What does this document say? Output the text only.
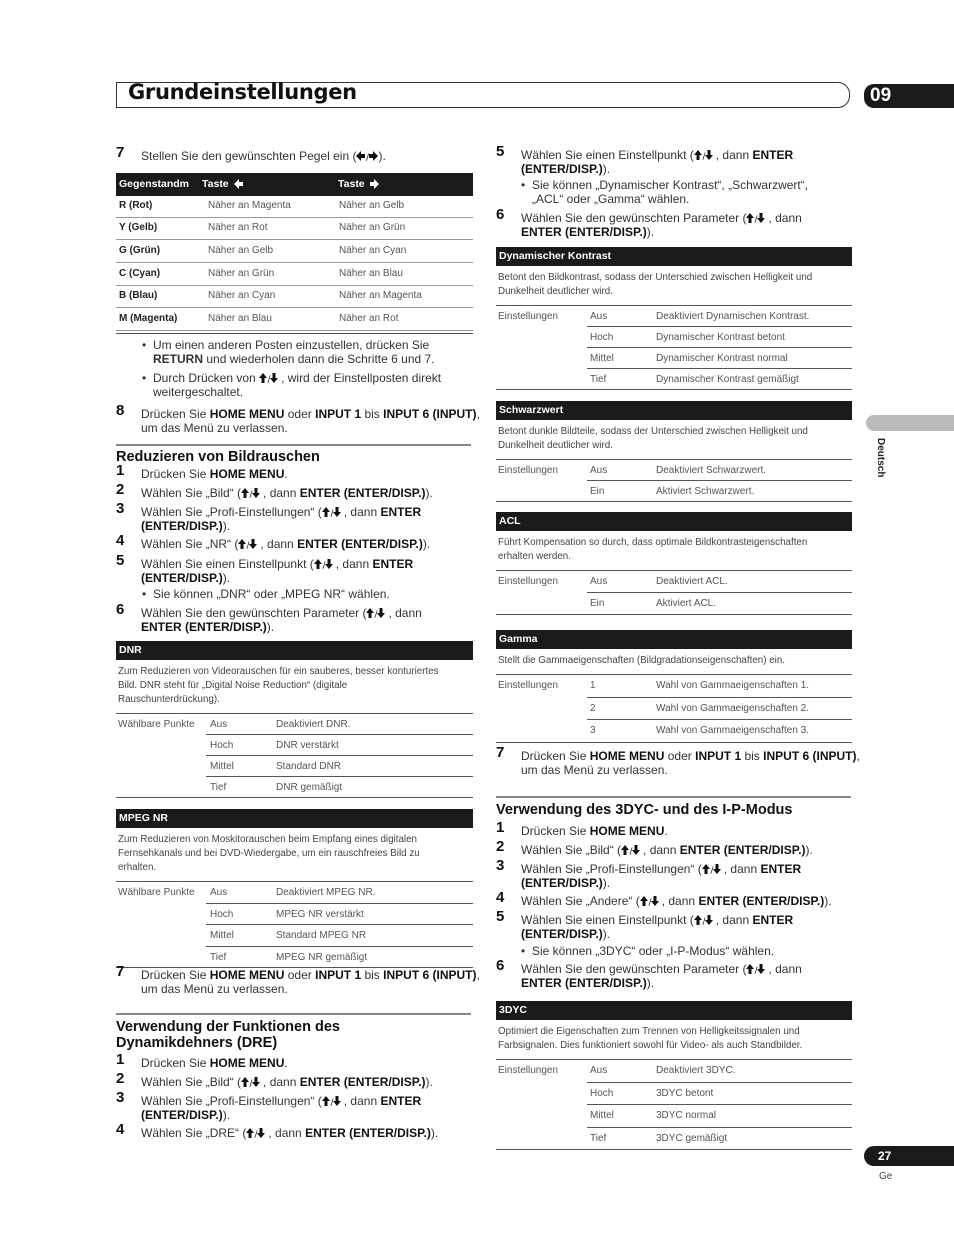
Grundeinstellungen	09
Deutsch
27
Ge
7 Stellen Sie den gewünschten Pegel ein ( ).
Gegenstandm Taste	Taste
R (Rot)	Näher an Magenta	Näher an Gelb
Y (Gelb)	Näher an Rot	Näher an Grün
G (Grün)	Näher an Gelb	Näher an Cyan
C (Cyan)	Näher an Grün	Näher an Blau
B (Blau)	Näher an Cyan	Näher an Magenta
M (Magenta)	Näher an Blau	Näher an Rot
• Um einen anderen Posten einzustellen, drücken Sie RETURN und wiederholen dann die Schritte 6 und 7.
• Durch Drücken von , wird der Einstellposten direkt weitergeschaltet.
8 Drücken Sie HOME MENU oder INPUT 1 bis INPUT 6 (INPUT), um das Menü zu verlassen.
Reduzieren von Bildrauschen
1 Drücken Sie HOME MENU.
2 Wählen Sie „Bild“ ( , dann ENTER (ENTER/DISP.)).
3 Wählen Sie „Profi-Einstellungen“ ( , dann ENTER
(ENTER/DISP.)).
4 Wählen Sie „NR“ ( , dann ENTER (ENTER/DISP.)).
5 Wählen Sie einen Einstellpunkt ( , dann ENTER
(ENTER/DISP.)).
• Sie können „DNR“ oder „MPEG NR“ wählen.
6 Wählen Sie den gewünschten Parameter ( , dann
ENTER (ENTER/DISP.)).
DNR
Zum Reduzieren von Videorauschen für ein sauberes, besser konturiertes
Bild. DNR steht für „Digital Noise Reduction“ (digitale
Rauschunterdrückung).
Wählbare Punkte Aus	Deaktiviert DNR.
Hoch	DNR verstärkt
Mittel	Standard DNR
Tief	DNR gemäßigt
MPEG NR
Zum Reduzieren von Moskitorauschen beim Empfang eines digitalen
Fernsehkanals und bei DVD-Wiedergabe, um ein rauschfreies Bild zu
erhalten.
Wählbare Punkte Aus	Deaktiviert MPEG NR.
Hoch	MPEG NR verstärkt
Mittel	Standard MPEG NR
Tief	MPEG NR gemäßigt
7 Drücken Sie HOME MENU oder INPUT 1 bis INPUT 6 (INPUT), um das Menü zu verlassen.
Verwendung der Funktionen des
Dynamikdehners (DRE)
1 Drücken Sie HOME MENU.
2 Wählen Sie „Bild“ ( , dann ENTER (ENTER/DISP.)).
3 Wählen Sie „Profi-Einstellungen“ ( , dann ENTER
(ENTER/DISP.)).
4 Wählen Sie „DRE“ ( , dann ENTER (ENTER/DISP.)).
5 Wählen Sie einen Einstellpunkt ( , dann ENTER
(ENTER/DISP.)).
6 Wählen Sie den gewünschten Parameter ( , dann
ENTER (ENTER/DISP.)).
• Sie können „Dynamischer Kontrast“, „Schwarzwert“,
„ACL“ oder „Gamma“ wählen.
Dynamischer Kontrast
Betont den Bildkontrast, sodass der Unterschied zwischen Helligkeit und
Dunkelheit deutlicher wird.
Einstellungen	Aus	Deaktiviert Dynamischen Kontrast.
Hoch	Dynamischer Kontrast betont
Mittel	Dynamischer Kontrast normal
Tief	Dynamischer Kontrast gemäßigt
Schwarzwert
Betont dunkle Bildteile, sodass der Unterschied zwischen Helligkeit und
Dunkelheit deutlicher wird.
Einstellungen	Aus	Deaktiviert Schwarzwert.
Ein	Aktiviert Schwarzwert.
ACL
Führt Kompensation so durch, dass optimale Bildkontrasteigenschaften
erhalten werden.
Einstellungen	Aus	Deaktiviert ACL.
Ein	Aktiviert ACL.
Gamma
Stellt die Gammaeigenschaften (Bildgradationseigenschaften) ein.
Einstellungen	1	Wahl von Gammaeigenschaften 1.
2	Wahl von Gammaeigenschaften 2.
3	Wahl von Gammaeigenschaften 3.
7 Drücken Sie HOME MENU oder INPUT 1 bis INPUT 6 (INPUT), um das Menü zu verlassen.
Verwendung des 3DYC- und des I-P-Modus
1 Drücken Sie HOME MENU.
2 Wählen Sie „Bild“ ( , dann ENTER (ENTER/DISP.)).
3 Wählen Sie „Profi-Einstellungen“ ( , dann ENTER
(ENTER/DISP.)).
4 Wählen Sie „Andere“ ( , dann ENTER (ENTER/DISP.)).
5 Wählen Sie einen Einstellpunkt ( , dann ENTER
(ENTER/DISP.)).
6 Wählen Sie den gewünschten Parameter ( , dann
ENTER (ENTER/DISP.)).
• Sie können „3DYC“ oder „I-P-Modus“ wählen.
3DYC
Optimiert die Eigenschaften zum Trennen von Helligkeitssignalen und
Farbsignalen. Dies funktioniert sowohl für Video- als auch Standbilder.
Einstellungen	Aus	Deaktiviert 3DYC.
Hoch	3DYC betont
Mittel	3DYC normal
Tief	3DYC gemäßigt
